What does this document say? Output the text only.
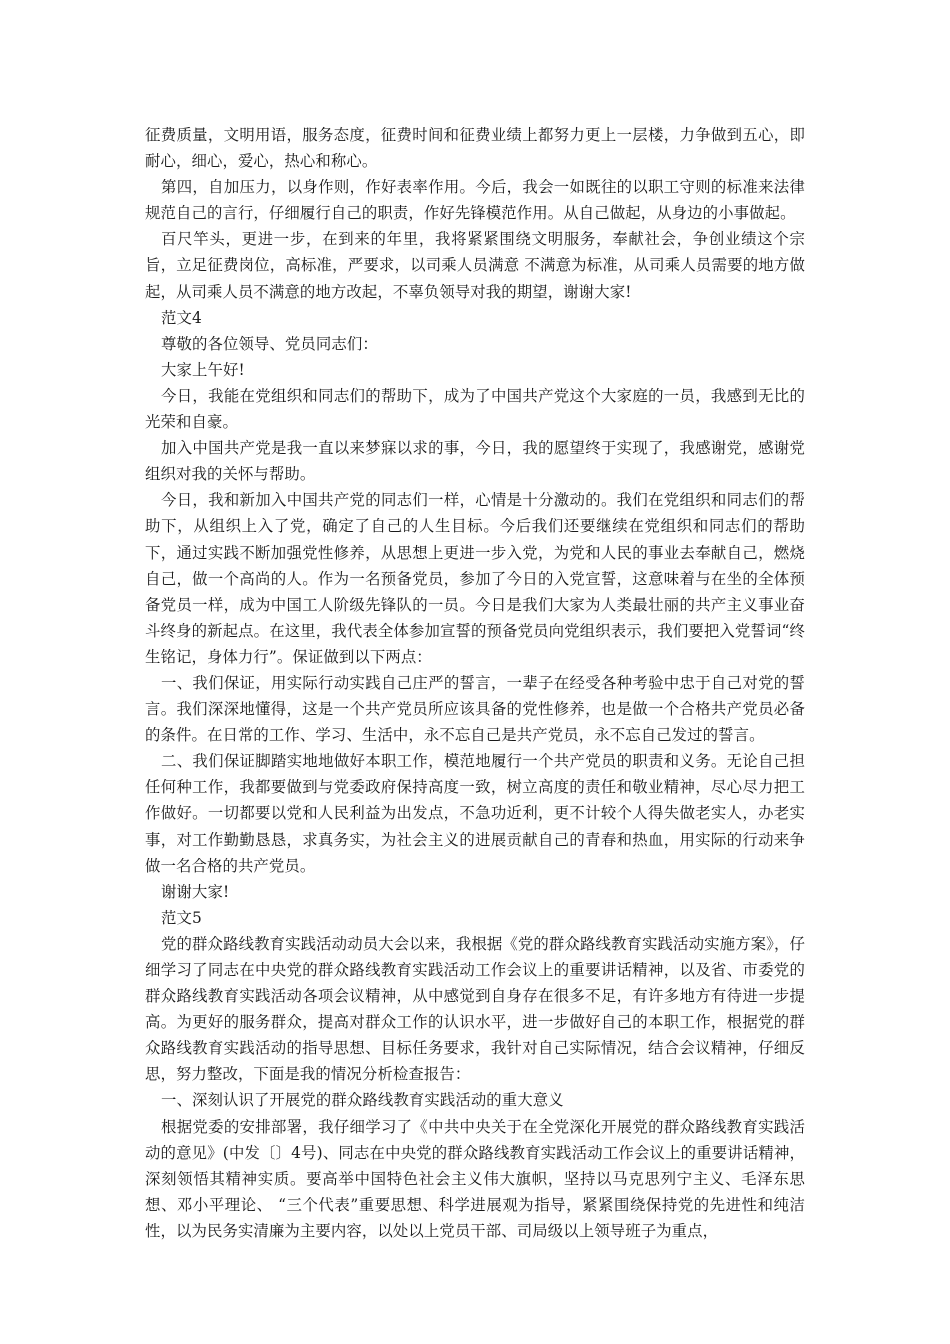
征费质量，文明用语，服务态度，征费时间和征费业绩上都努力更上一层楼，力争做到五心，即耐心，细心，爱心，热心和称心。

第四，自加压力，以身作则，作好表率作用。今后，我会一如既往的以职工守则的标准来法律规范自己的言行，仔细履行自己的职责，作好先锋模范作用。从自己做起，从身边的小事做起。

百尺竿头，更进一步，在到来的年里，我将紧紧围绕文明服务，奉献社会，争创业绩这个宗旨，立足征费岗位，高标准，严要求，以司乘人员满意 不满意为标准，从司乘人员需要的地方做起，从司乘人员不满意的地方改起，不辜负领导对我的期望，谢谢大家!

范文4

尊敬的各位领导、党员同志们：

大家上午好!

今日，我能在党组织和同志们的帮助下，成为了中国共产党这个大家庭的一员，我感到无比的光荣和自豪。

加入中国共产党是我一直以来梦寐以求的事，今日，我的愿望终于实现了，我感谢党，感谢党组织对我的关怀与帮助。

今日，我和新加入中国共产党的同志们一样，心情是十分激动的。我们在党组织和同志们的帮助下，从组织上入了党，确定了自己的人生目标。今后我们还要继续在党组织和同志们的帮助下，通过实践不断加强党性修养，从思想上更进一步入党，为党和人民的事业去奉献自己，燃烧自己，做一个高尚的人。作为一名预备党员，参加了今日的入党宣誓，这意味着与在坐的全体预备党员一样，成为中国工人阶级先锋队的一员。今日是我们大家为人类最壮丽的共产主义事业奋斗终身的新起点。在这里，我代表全体参加宣誓的预备党员向党组织表示，我们要把入党誓词“终生铭记，身体力行”。保证做到以下两点：

一、我们保证，用实际行动实践自己庄严的誓言，一辈子在经受各种考验中忠于自己对党的誓言。我们深深地懂得，这是一个共产党员所应该具备的党性修养，也是做一个合格共产党员必备的条件。在日常的工作、学习、生活中，永不忘自己是共产党员，永不忘自己发过的誓言。

二、我们保证脚踏实地地做好本职工作，模范地履行一个共产党员的职责和义务。无论自己担任何种工作，我都要做到与党委政府保持高度一致，树立高度的责任和敬业精神，尽心尽力把工作做好。一切都要以党和人民利益为出发点，不急功近利，更不计较个人得失做老实人，办老实事，对工作勤勤恳恳，求真务实，为社会主义的进展贡献自己的青春和热血，用实际的行动来争做一名合格的共产党员。

谢谢大家!

范文5

党的群众路线教育实践活动动员大会以来，我根据《党的群众路线教育实践活动实施方案》，仔细学习了同志在中央党的群众路线教育实践活动工作会议上的重要讲话精神，以及省、市委党的群众路线教育实践活动各项会议精神，从中感觉到自身存在很多不足，有许多地方有待进一步提高。为更好的服务群众，提高对群众工作的认识水平，进一步做好自己的本职工作，根据党的群众路线教育实践活动的指导思想、目标任务要求，我针对自己实际情况，结合会议精神，仔细反思，努力整改，下面是我的情况分析检查报告：

一、深刻认识了开展党的群众路线教育实践活动的重大意义

根据党委的安排部署，我仔细学习了《中共中央关于在全党深化开展党的群众路线教育实践活动的意见》(中发〔〕4号)、同志在中央党的群众路线教育实践活动工作会议上的重要讲话精神，深刻领悟其精神实质。要高举中国特色社会主义伟大旗帜，坚持以马克思列宁主义、毛泽东思想、邓小平理论、 “三个代表”重要思想、科学进展观为指导，紧紧围绕保持党的先进性和纯洁性，以为民务实清廉为主要内容，以处以上党员干部、司局级以上领导班子为重点，
